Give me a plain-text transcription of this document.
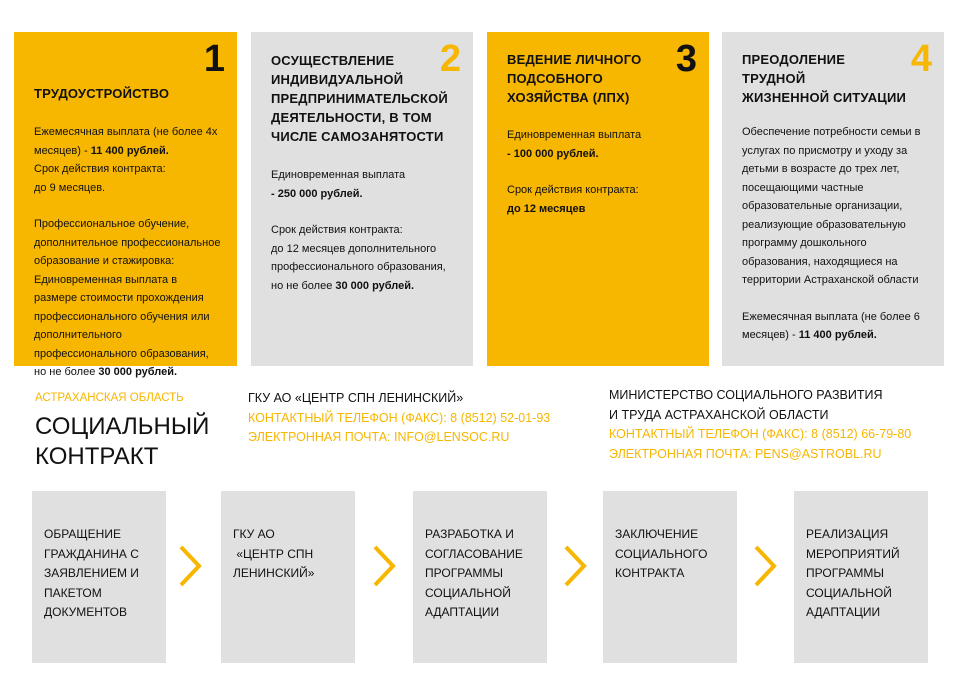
1
ТРУДОУСТРОЙСТВО

Ежемесячная выплата (не более 4х

месяцев) - 11 400 рублей.

Срок действия контракта:

до 9 месяцев.

Профессиональное обучение,

дополнительное профессиональное

образование и стажировка:

Единовременная выплата в

размере стоимости прохождения

профессионального обучения или

дополнительного

профессионального образования,

но не более 30 000 рублей.

2
ОСУЩЕСТВЛЕНИЕ
ИНДИВИДУАЛЬНОЙ
ПРЕДПРИНИМАТЕЛЬСКОЙ
ДЕЯТЕЛЬНОСТИ, В ТОМ
ЧИСЛЕ САМОЗАНЯТОСТИ

Единовременная выплата

- 250 000 рублей.

Срок действия контракта:

до 12 месяцев дополнительного

профессионального образования,

но не более 30 000 рублей.

3
ВЕДЕНИЕ ЛИЧНОГО
ПОДСОБНОГО
ХОЗЯЙСТВА (ЛПХ)

Единовременная выплата

- 100 000 рублей.

Срок действия контракта:

до 12 месяцев

4
ПРЕОДОЛЕНИЕ
ТРУДНОЙ
ЖИЗНЕННОЙ СИТУАЦИИ

Обеспечение потребности семьи в

услугах по присмотру и уходу за

детьми в возрасте до трех лет,

посещающими частные

образовательные организации,

реализующие образовательную

программу дошкольного

образования, находящиеся на

территории Астраханской области

Ежемесячная выплата (не более 6

месяцев) - 11 400 рублей.

АСТРАХАНСКАЯ ОБЛАСТЬ
СОЦИАЛЬНЫЙ
КОНТРАКТ
ГКУ АО «ЦЕНТР СПН ЛЕНИНСКИЙ»
КОНТАКТНЫЙ ТЕЛЕФОН (ФАКС): 8 (8512) 52-01-93
ЭЛЕКТРОННАЯ ПОЧТА: INFO@LENSOC.RU
МИНИСТЕРСТВО СОЦИАЛЬНОГО РАЗВИТИЯ
И ТРУДА АСТРАХАНСКОЙ ОБЛАСТИ
КОНТАКТНЫЙ ТЕЛЕФОН (ФАКС): 8 (8512) 66-79-80
ЭЛЕКТРОННАЯ ПОЧТА: PENS@ASTROBL.RU
ОБРАЩЕНИЕ
ГРАЖДАНИНА С
ЗАЯВЛЕНИЕМ И
ПАКЕТОМ
ДОКУМЕНТОВ
ГКУ АО
«ЦЕНТР СПН
ЛЕНИНСКИЙ»
РАЗРАБОТКА И
СОГЛАСОВАНИЕ
ПРОГРАММЫ
СОЦИАЛЬНОЙ
АДАПТАЦИИ
ЗАКЛЮЧЕНИЕ
СОЦИАЛЬНОГО
КОНТРАКТА
РЕАЛИЗАЦИЯ
МЕРОПРИЯТИЙ
ПРОГРАММЫ
СОЦИАЛЬНОЙ
АДАПТАЦИИ
